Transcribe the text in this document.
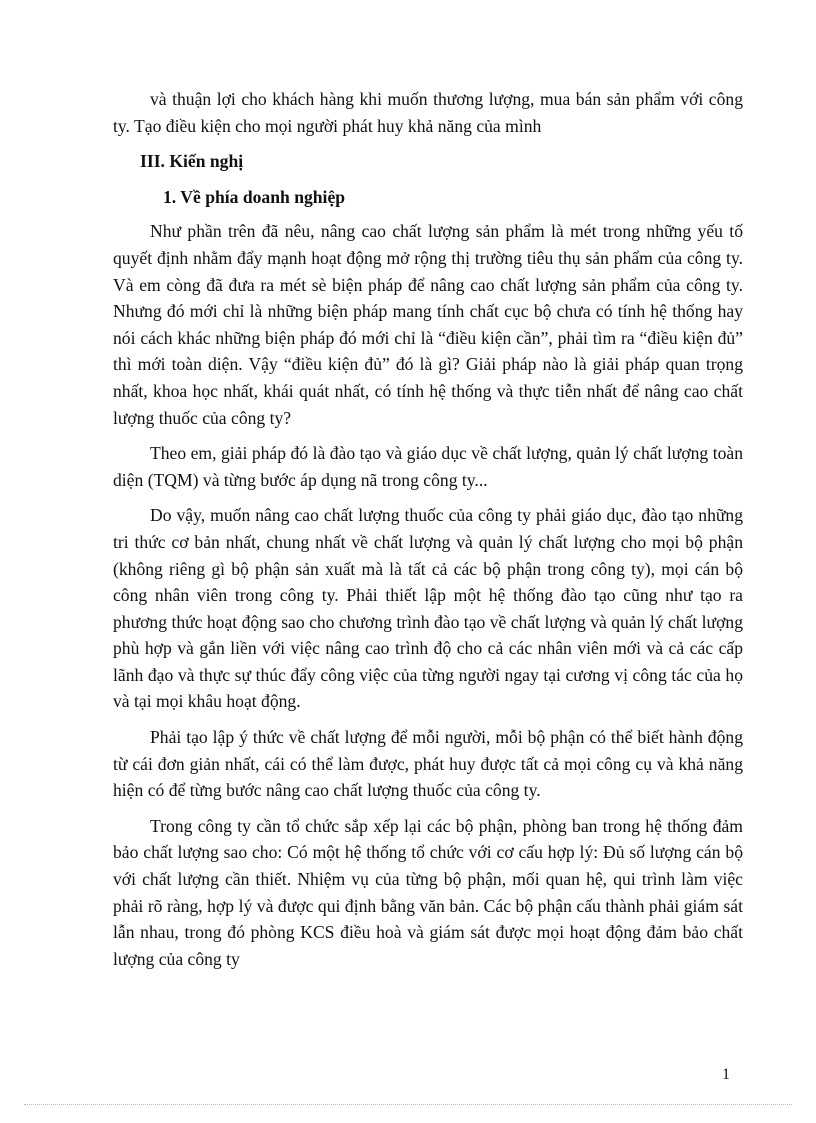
và thuận lợi cho khách hàng khi muốn thương lượng, mua bán sản phẩm với công ty. Tạo điều kiện cho mọi người phát huy khả năng của mình

III. Kiến nghị

1. Về phía doanh nghiệp

Như phần trên đã nêu, nâng cao chất lượng sản phẩm là mét trong những yếu tố quyết định nhằm đẩy mạnh hoạt động mở rộng thị trường tiêu thụ sản phẩm của công ty. Và em còng đã đưa ra mét sè biện pháp để nâng cao chất lượng sản phẩm của công ty. Nhưng đó mới chỉ là những biện pháp mang tính chất cục bộ chưa có tính hệ thống hay nói cách khác những biện pháp đó mới chỉ là “điều kiện cần”, phải tìm ra “điều kiện đủ” thì mới toàn diện. Vậy “điều kiện đủ” đó là gì? Giải pháp nào là giải pháp quan trọng nhất, khoa học nhất, khái quát nhất, có tính hệ thống và thực tiễn nhất để nâng cao chất lượng thuốc của công ty?

Theo em, giải pháp đó là đào tạo và giáo dục về chất lượng, quản lý chất lượng toàn diện (TQM) và từng bước áp dụng nã trong công ty...

Do vậy, muốn nâng cao chất lượng thuốc của công ty phải giáo dục, đào tạo những tri thức cơ bản nhất, chung nhất về chất lượng và quản lý chất lượng cho mọi bộ phận (không riêng gì bộ phận sản xuất mà là tất cả các bộ phận trong công ty), mọi cán bộ công nhân viên trong công ty. Phải thiết lập một hệ thống đào tạo cũng như tạo ra phương thức hoạt động sao cho chương trình đào tạo về chất lượng và quản lý chất lượng phù hợp và gắn liền với việc nâng cao trình độ cho cả các nhân viên mới và cả các cấp lãnh đạo và thực sự thúc đẩy công việc của từng người ngay tại cương vị công tác của họ và tại mọi khâu hoạt động.

Phải tạo lập ý thức về chất lượng để mỗi người, mỗi bộ phận có thể biết hành động từ cái đơn giản nhất, cái có thể làm được, phát huy được tất cả mọi công cụ và khả năng hiện có để từng bước nâng cao chất lượng thuốc của công ty.

Trong công ty cần tổ chức sắp xếp lại các bộ phận, phòng ban trong hệ thống đảm bảo chất lượng sao cho: Có một hệ thống tổ chức với cơ cấu hợp lý: Đủ số lượng cán bộ với chất lượng cần thiết. Nhiệm vụ của từng bộ phận, mối quan hệ, qui trình làm việc phải rõ ràng, hợp lý và được qui định bằng văn bản. Các bộ phận cấu thành phải giám sát lẫn nhau, trong đó phòng KCS điều hoà và giám sát được mọi hoạt động đảm bảo chất lượng của công ty

1
